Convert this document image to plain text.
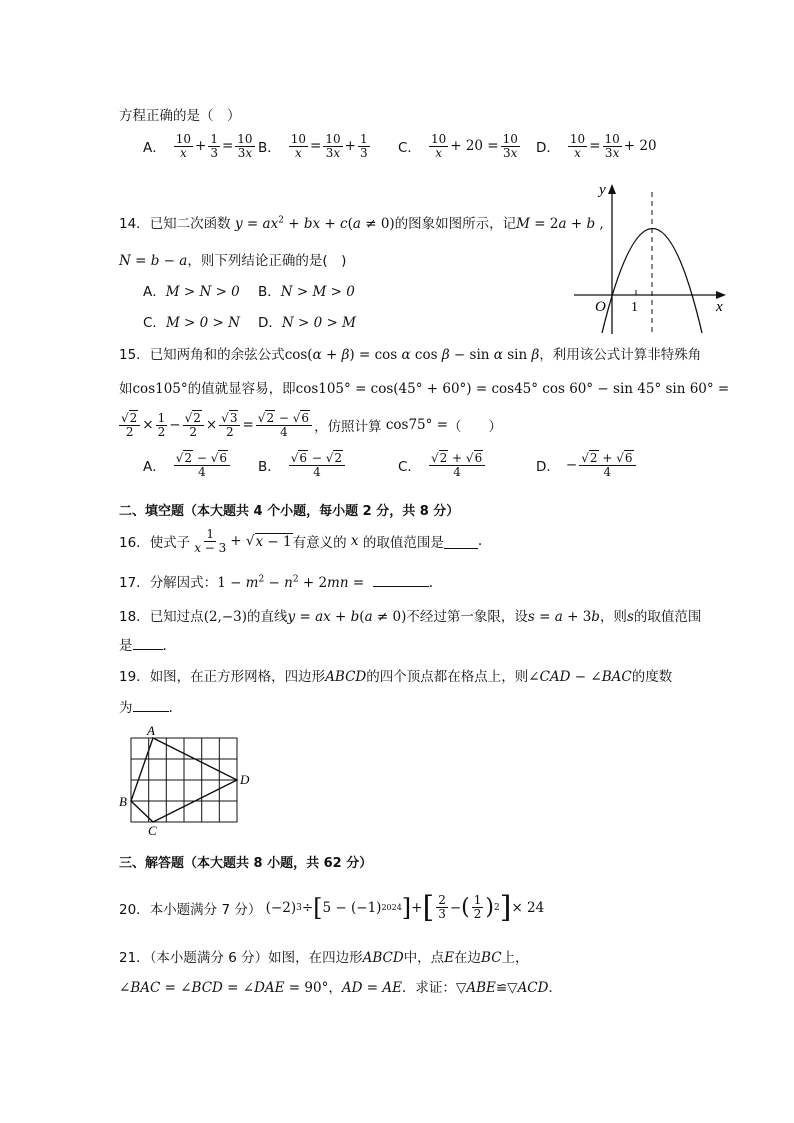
方程正确的是（　）
A． $\frac{10}{x} + \frac{1}{3} = \frac{10}{3x}$ B． $\frac{10}{x} = \frac{10}{3x} + \frac{1}{3}$ C． $\frac{10}{x} + 20 = \frac{10}{3x}$ D． $\frac{10}{x} = \frac{10}{3x} + 20$
14．已知二次函数 $y = ax^2$ + bx + c(a ≠ 0)的图象如图所示，记M = 2a + b ,
N = b − a，则下列结论正确的是(　)
A．M > N > 0 B．N > M > 0
C．M > 0 > N D．N > 0 > M
y
x
O 1
15．已知两角和的余弦公式cos(α + β) = cos α cos β − sin α sin β，利用该公式计算非特殊角
如cos105°的值就显容易，即cos105° = cos(45° + 60°) = cos45° cos 60° − sin 45° sin 60° =
$\frac{√2}{2} \times \frac{1}{2} - \frac{√2}{2} \times \frac{√3}{2} = \frac{√2 - √6}{4}$ ，仿照计算 cos75° = （　　）
A． $\frac{√2 - √6}{4}$ B． $\frac{√6 - √2}{4}$	C． $\frac{√2 + √6}{4}$	D． − $\frac{√2 + √6}{4}$
二、填空题（本大题共 4 个小题，每小题 2 分，共 8 分）
16． 使式子 $\frac{1}{x - 3}$ + √ x − 1 有意义的
x
的取值范围是	.
17．分解因式：$1 - m^2 - n^2 + 2mn$ =	.
18．已知过点(2,−3)的直线y = ax + b(a ≠ 0)不经过第一象限，设s = a + 3b，则s的取值范围
是 .
19．如图，在正方形网格，四边形ABCD的四个顶点都在格点上，则∠CAD − ∠BAC的度数
为	.
A
B
C
D
三、解答题（本大题共 8 小题，共 62 分）
20． 本小题满分 7 分） (−2) 3 ÷ [ 5 − (−1) 2024 ] + [ $\frac{2}{3}$ − ( $\frac{1}{2}$ ) 2 ] × 24
21．（本小题满分 6 分）如图，在四边形ABCD中，点E在边BC上，
∠BAC = ∠BCD = ∠DAE = 90°，AD = AE．求证：▽ABE≌▽ACD．
